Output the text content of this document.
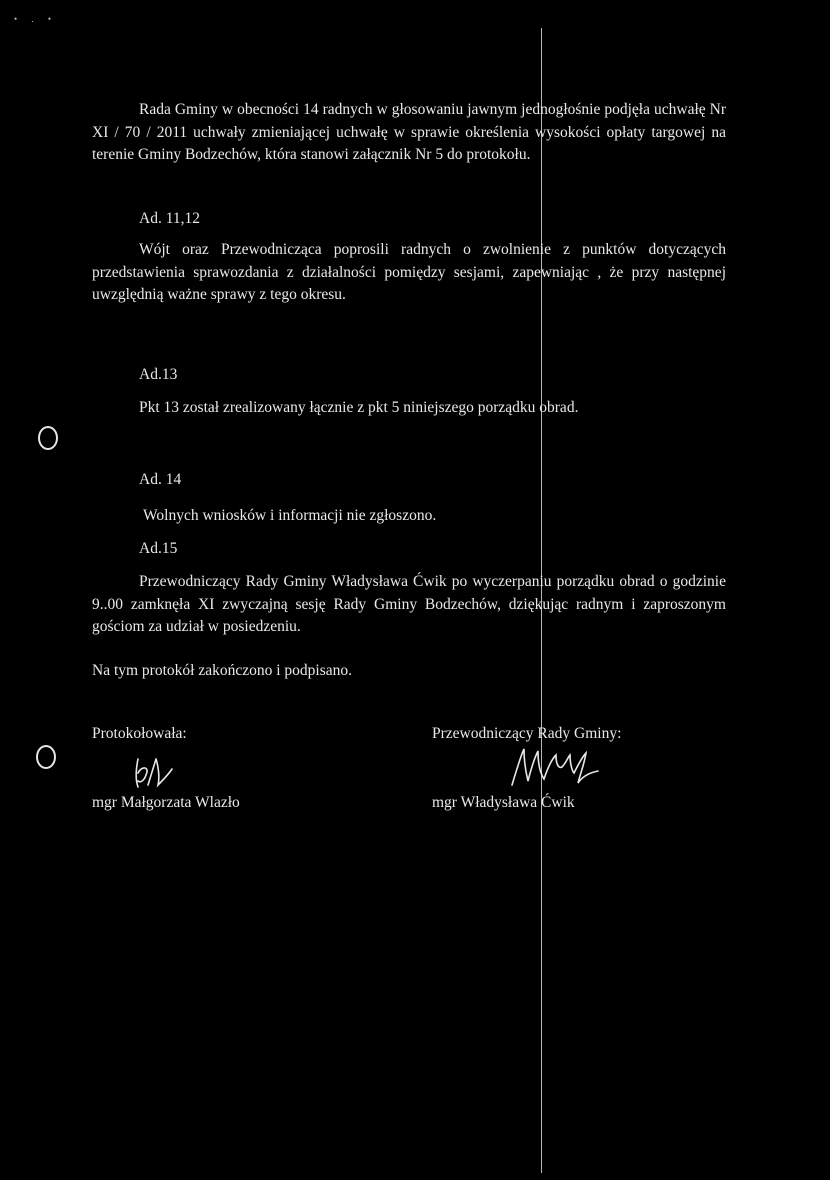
• . •

Rada Gminy w obecności 14 radnych w głosowaniu jawnym jednogłośnie podjęła uchwałę Nr XI / 70 / 2011 uchwały zmieniającej uchwałę w sprawie określenia wysokości opłaty targowej na terenie Gminy Bodzechów, która stanowi załącznik Nr 5 do protokołu.

Ad. 11,12

Wójt oraz Przewodnicząca poprosili radnych o zwolnienie z punktów dotyczących przedstawienia sprawozdania z działalności pomiędzy sesjami, zapewniając , że przy następnej uwzględnią ważne sprawy z tego okresu.

Ad.13

Pkt 13 został zrealizowany łącznie z pkt 5 niniejszego porządku obrad.

Ad. 14

Wolnych wniosków i informacji nie zgłoszono.

Ad.15

Przewodniczący Rady Gminy Władysława Ćwik po wyczerpaniu porządku obrad o godzinie 9..00 zamknęła XI zwyczajną sesję Rady Gminy Bodzechów, dziękując radnym i zaproszonym gościom za udział w posiedzeniu.

Na tym protokół zakończono i podpisano.

Protokołowała:	Przewodniczący Rady Gminy:

mgr Małgorzata Wlazło	mgr Władysława Ćwik
